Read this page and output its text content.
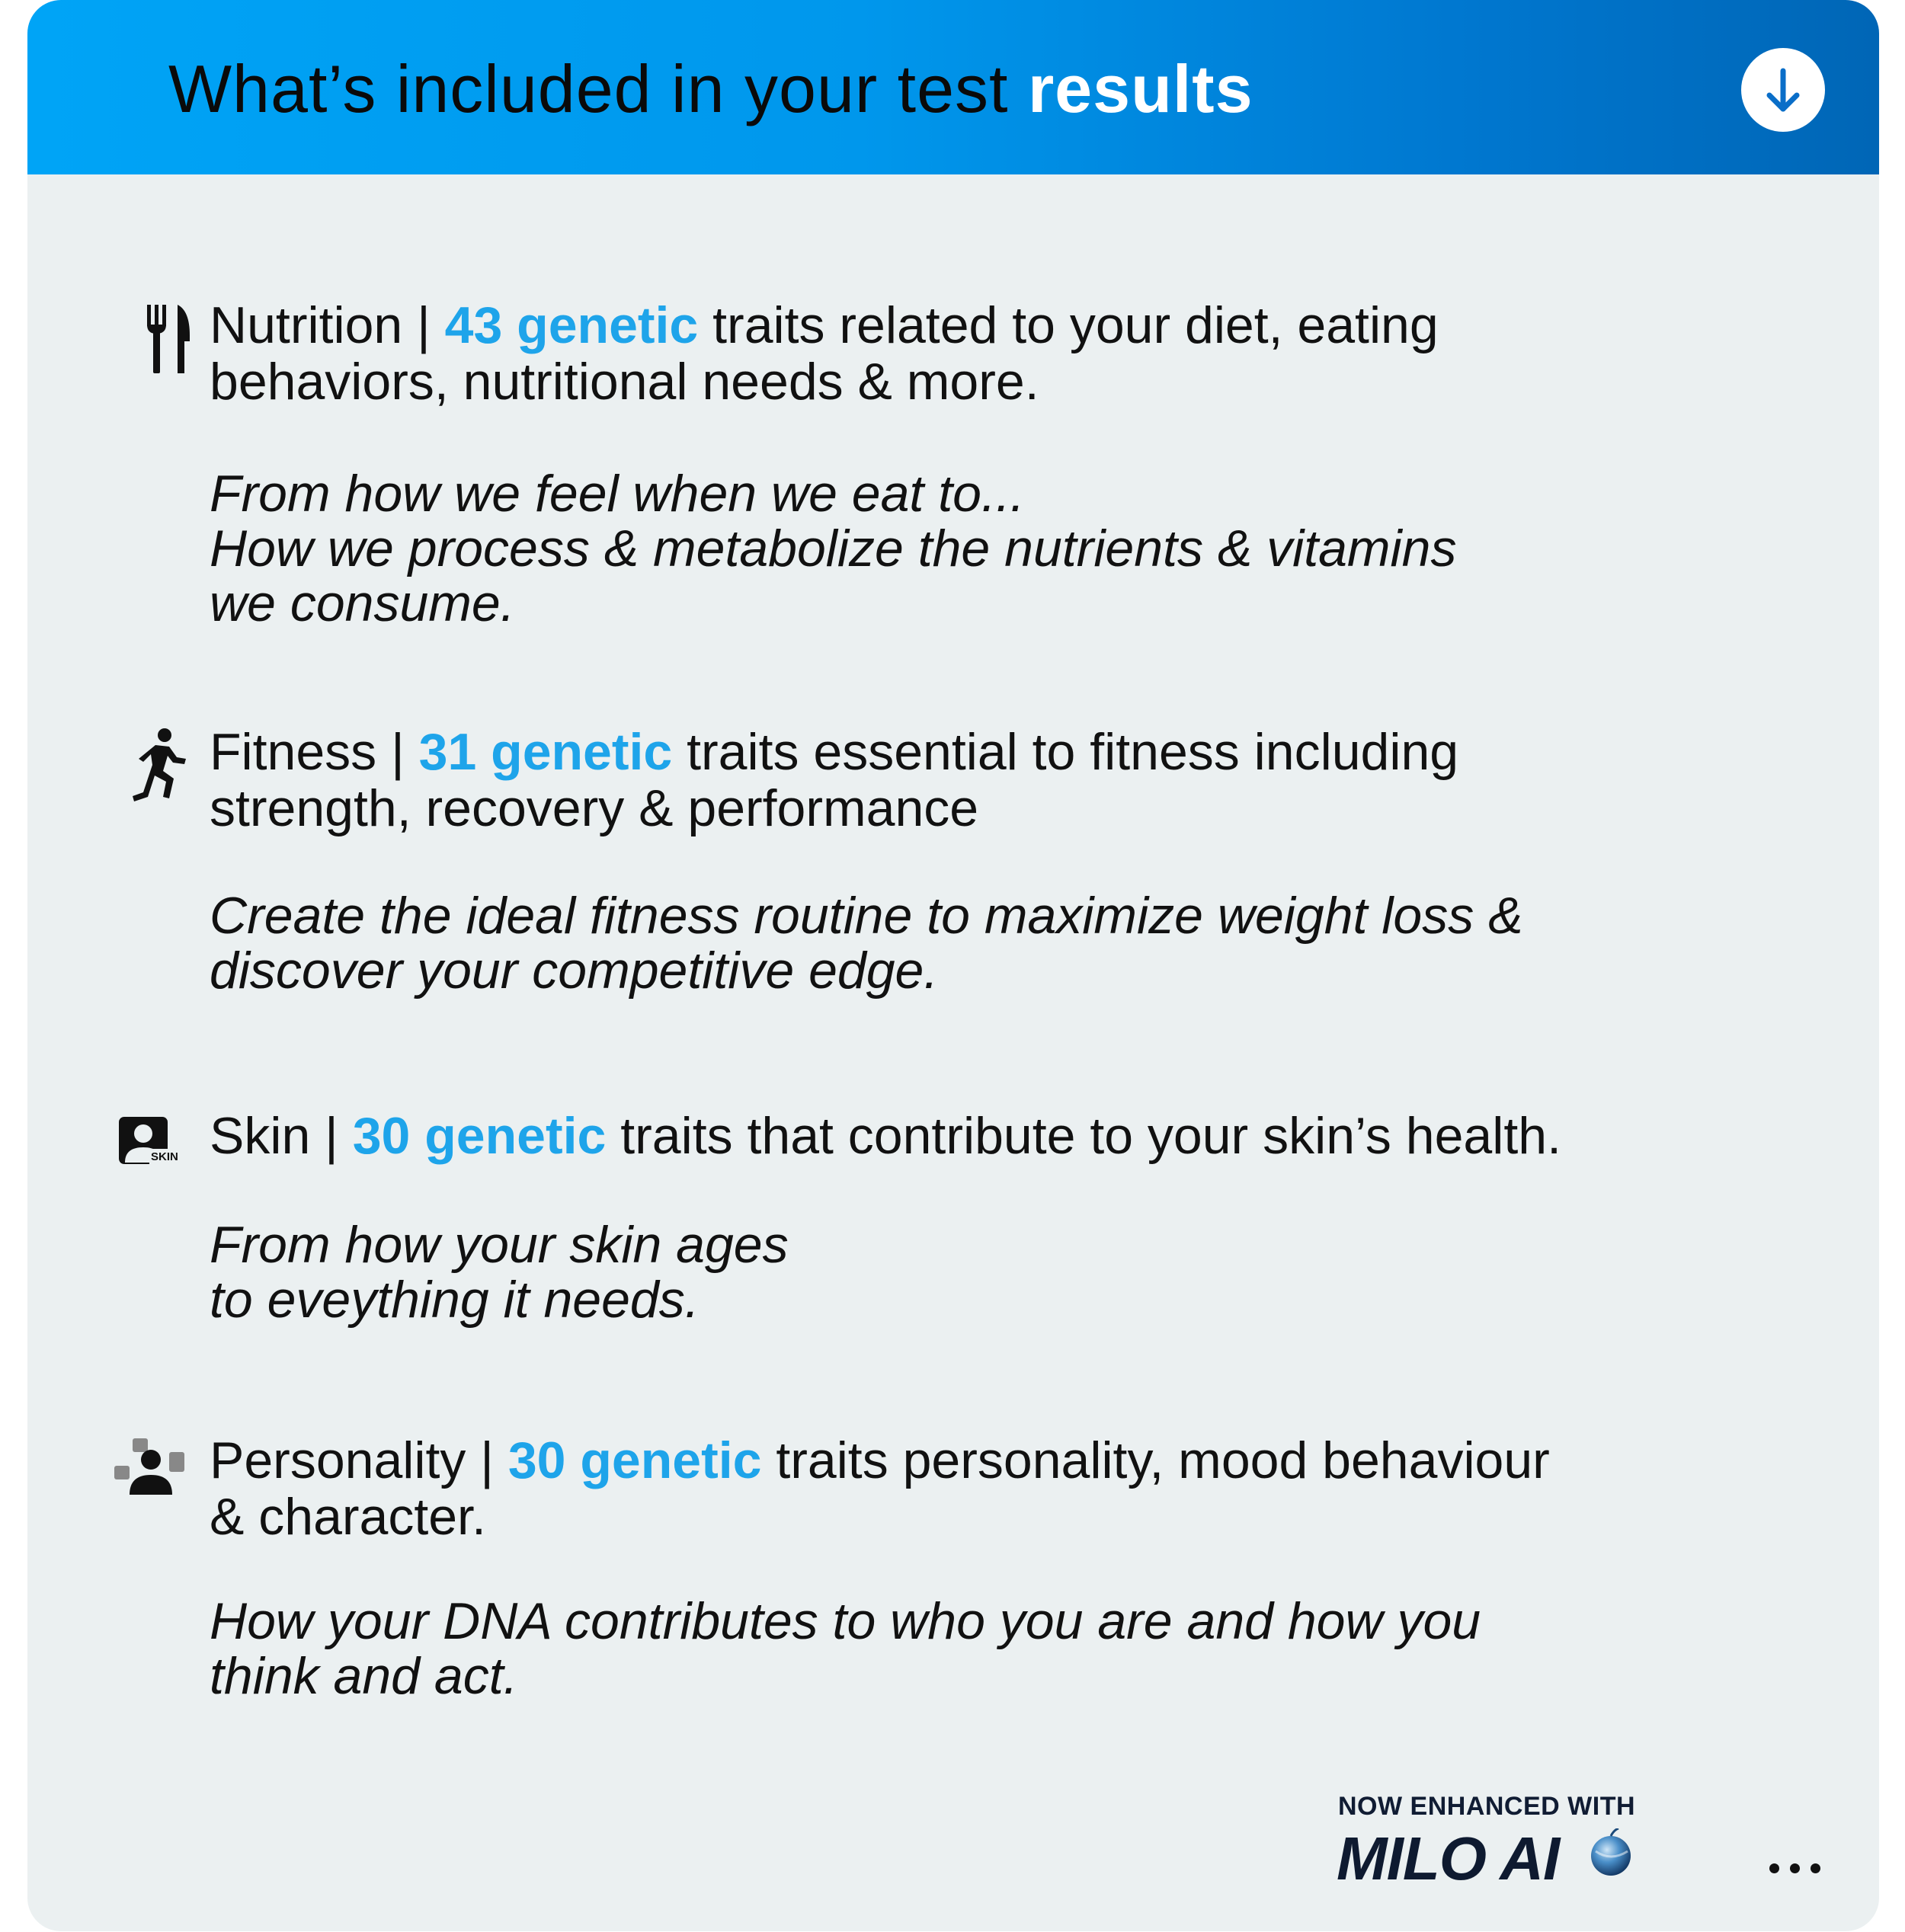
What’s included in your test results
Nutrition | 43 genetic traits related to your diet, eating
behaviors, nutritional needs & more.
From how we feel when we eat to...
How we process & metabolize the nutrients & vitamins
we consume.
Fitness | 31 genetic traits essential to fitness including
strength, recovery & performance
Create the ideal fitness routine to maximize weight loss &
discover your competitive edge.
SKIN Skin | 30 genetic traits that contribute to your skin’s health.
From how your skin ages
to eveything it needs.
Personality | 30 genetic traits personality, mood behaviour
& character.
How your DNA contributes to who you are and how you
think and act.
NOW ENHANCED WITH
MILO AI
